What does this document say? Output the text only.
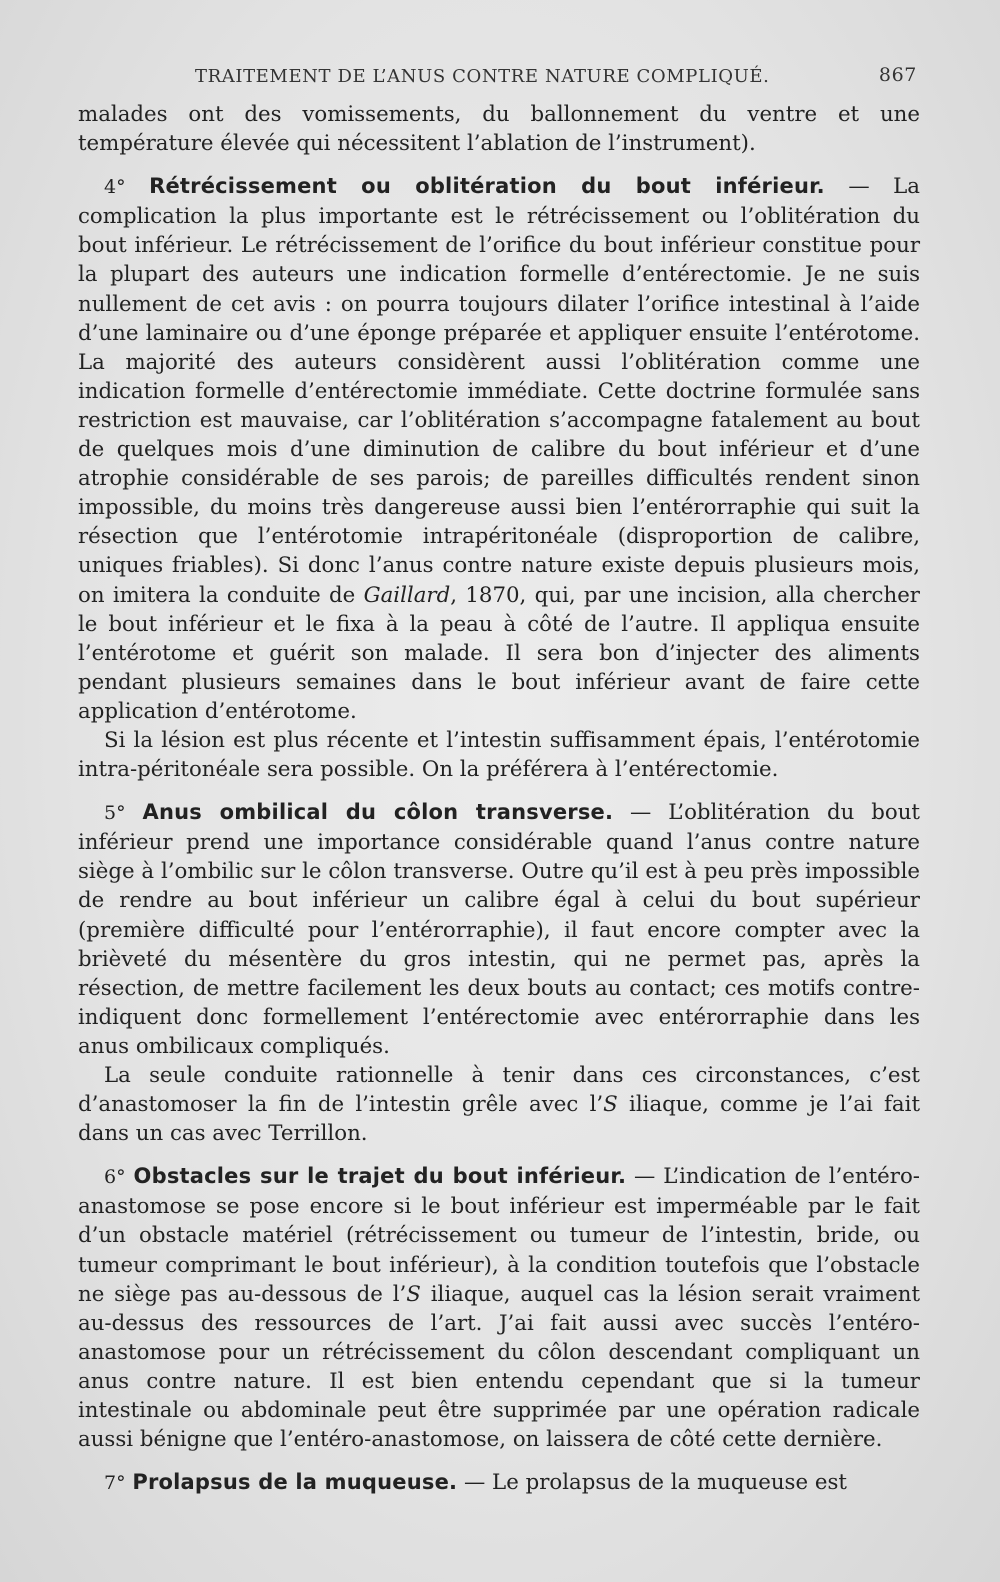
TRAITEMENT DE L’ANUS CONTRE NATURE COMPLIQUÉ.	867

malades ont des vomissements, du ballonnement du ventre et une température élevée qui nécessitent l’ablation de l’instrument).

4° Rétrécissement ou oblitération du bout inférieur. — La complication la plus importante est le rétrécissement ou l’oblitération du bout inférieur. Le rétrécissement de l’orifice du bout inférieur constitue pour la plupart des auteurs une indication formelle d’entérectomie. Je ne suis nullement de cet avis : on pourra toujours dilater l’orifice intestinal à l’aide d’une laminaire ou d’une éponge préparée et appliquer ensuite l’entérotome. La majorité des auteurs considèrent aussi l’oblitération comme une indication formelle d’entérectomie immédiate. Cette doctrine formulée sans restriction est mauvaise, car l’oblitération s’accompagne fatalement au bout de quelques mois d’une diminution de calibre du bout inférieur et d’une atrophie considérable de ses parois; de pareilles difficultés rendent sinon impossible, du moins très dangereuse aussi bien l’entérorraphie qui suit la résection que l’entérotomie intrapéritonéale (disproportion de calibre, uniques friables). Si donc l’anus contre nature existe depuis plusieurs mois, on imitera la conduite de Gaillard, 1870, qui, par une incision, alla chercher le bout inférieur et le fixa à la peau à côté de l’autre. Il appliqua ensuite l’entérotome et guérit son malade. Il sera bon d’injecter des aliments pendant plusieurs semaines dans le bout inférieur avant de faire cette application d’entérotome.

Si la lésion est plus récente et l’intestin suffisamment épais, l’entérotomie intra-péritonéale sera possible. On la préférera à l’entérectomie.

5° Anus ombilical du côlon transverse. — L’oblitération du bout inférieur prend une importance considérable quand l’anus contre nature siège à l’ombilic sur le côlon transverse. Outre qu’il est à peu près impossible de rendre au bout inférieur un calibre égal à celui du bout supérieur (première difficulté pour l’entérorraphie), il faut encore compter avec la brièveté du mésentère du gros intestin, qui ne permet pas, après la résection, de mettre facilement les deux bouts au contact; ces motifs contre-indiquent donc formellement l’entérectomie avec entérorraphie dans les anus ombilicaux compliqués.

La seule conduite rationnelle à tenir dans ces circonstances, c’est d’anastomoser la fin de l’intestin grêle avec l’S iliaque, comme je l’ai fait dans un cas avec Terrillon.

6° Obstacles sur le trajet du bout inférieur. — L’indication de l’entéro-anastomose se pose encore si le bout inférieur est imperméable par le fait d’un obstacle matériel (rétrécissement ou tumeur de l’intestin, bride, ou tumeur comprimant le bout inférieur), à la condition toutefois que l’obstacle ne siège pas au-dessous de l’S iliaque, auquel cas la lésion serait vraiment au-dessus des ressources de l’art. J’ai fait aussi avec succès l’entéro-anastomose pour un rétrécissement du côlon descendant compliquant un anus contre nature. Il est bien entendu cependant que si la tumeur intestinale ou abdominale peut être supprimée par une opération radicale aussi bénigne que l’entéro-anastomose, on laissera de côté cette dernière.

7° Prolapsus de la muqueuse. — Le prolapsus de la muqueuse est
